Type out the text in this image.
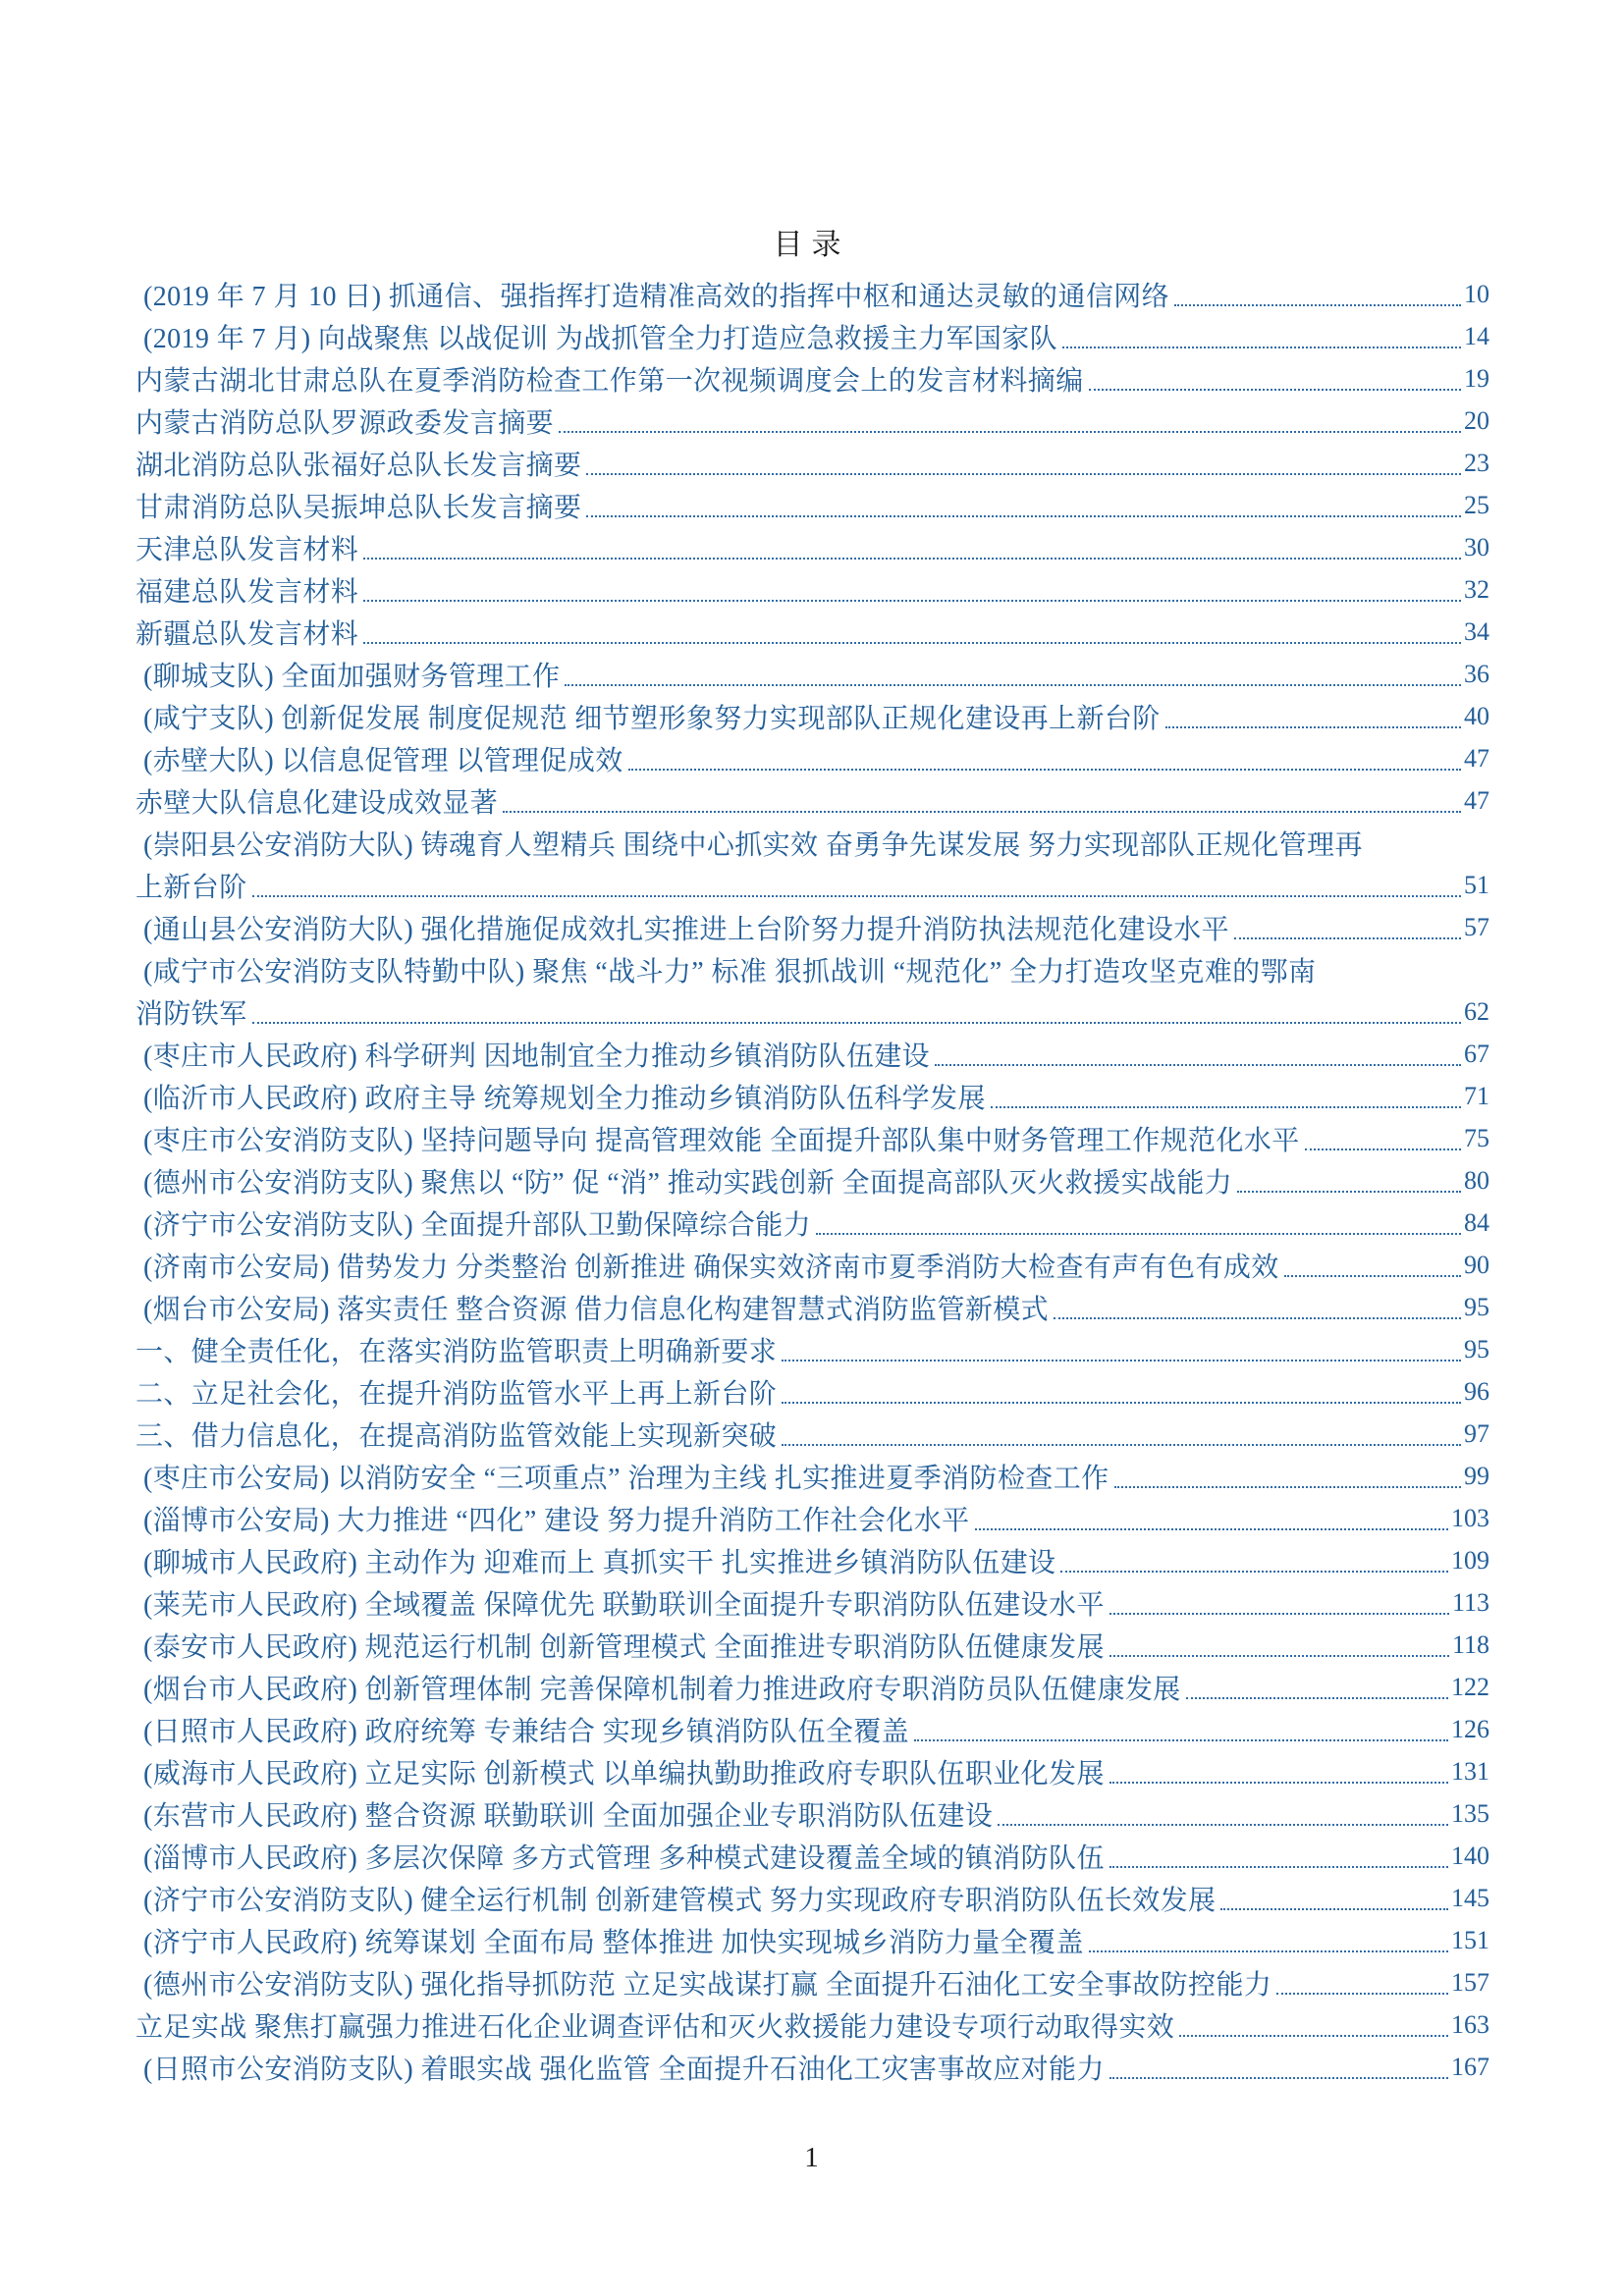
目录
(2019 年 7 月 10 日) 抓通信、强指挥打造精准高效的指挥中枢和通达灵敏的通信网络	10
(2019 年 7 月) 向战聚焦 以战促训 为战抓管全力打造应急救援主力军国家队	14
内蒙古湖北甘肃总队在夏季消防检查工作第一次视频调度会上的发言材料摘编	19
内蒙古消防总队罗源政委发言摘要	20
湖北消防总队张福好总队长发言摘要	23
甘肃消防总队吴振坤总队长发言摘要	25
天津总队发言材料	30
福建总队发言材料	32
新疆总队发言材料	34
(聊城支队) 全面加强财务管理工作	36
(咸宁支队) 创新促发展 制度促规范 细节塑形象努力实现部队正规化建设再上新台阶	40
(赤壁大队) 以信息促管理 以管理促成效	47
赤壁大队信息化建设成效显著	47
(崇阳县公安消防大队) 铸魂育人塑精兵 围绕中心抓实效 奋勇争先谋发展 努力实现部队正规化管理再
上新台阶	51
(通山县公安消防大队) 强化措施促成效扎实推进上台阶努力提升消防执法规范化建设水平	57
(咸宁市公安消防支队特勤中队) 聚焦 “战斗力” 标准 狠抓战训 “规范化” 全力打造攻坚克难的鄂南
消防铁军	62
(枣庄市人民政府) 科学研判 因地制宜全力推动乡镇消防队伍建设	67
(临沂市人民政府) 政府主导 统筹规划全力推动乡镇消防队伍科学发展	71
(枣庄市公安消防支队) 坚持问题导向 提高管理效能 全面提升部队集中财务管理工作规范化水平	75
(德州市公安消防支队) 聚焦以 “防” 促 “消” 推动实践创新 全面提高部队灭火救援实战能力	80
(济宁市公安消防支队) 全面提升部队卫勤保障综合能力	84
(济南市公安局) 借势发力 分类整治 创新推进 确保实效济南市夏季消防大检查有声有色有成效	90
(烟台市公安局) 落实责任 整合资源 借力信息化构建智慧式消防监管新模式	95
一、健全责任化，在落实消防监管职责上明确新要求	95
二、立足社会化，在提升消防监管水平上再上新台阶	96
三、借力信息化，在提高消防监管效能上实现新突破	97
(枣庄市公安局) 以消防安全 “三项重点” 治理为主线 扎实推进夏季消防检查工作	99
(淄博市公安局) 大力推进 “四化” 建设 努力提升消防工作社会化水平	103
(聊城市人民政府) 主动作为 迎难而上 真抓实干 扎实推进乡镇消防队伍建设	109
(莱芜市人民政府) 全域覆盖 保障优先 联勤联训全面提升专职消防队伍建设水平	113
(泰安市人民政府) 规范运行机制 创新管理模式 全面推进专职消防队伍健康发展	118
(烟台市人民政府) 创新管理体制 完善保障机制着力推进政府专职消防员队伍健康发展	122
(日照市人民政府) 政府统筹 专兼结合 实现乡镇消防队伍全覆盖	126
(威海市人民政府) 立足实际 创新模式 以单编执勤助推政府专职队伍职业化发展	131
(东营市人民政府) 整合资源 联勤联训 全面加强企业专职消防队伍建设	135
(淄博市人民政府) 多层次保障 多方式管理 多种模式建设覆盖全域的镇消防队伍	140
(济宁市公安消防支队) 健全运行机制 创新建管模式 努力实现政府专职消防队伍长效发展	145
(济宁市人民政府) 统筹谋划 全面布局 整体推进 加快实现城乡消防力量全覆盖	151
(德州市公安消防支队) 强化指导抓防范 立足实战谋打赢 全面提升石油化工安全事故防控能力	157
立足实战 聚焦打赢强力推进石化企业调查评估和灭火救援能力建设专项行动取得实效	163
(日照市公安消防支队) 着眼实战 强化监管 全面提升石油化工灾害事故应对能力	167
1
